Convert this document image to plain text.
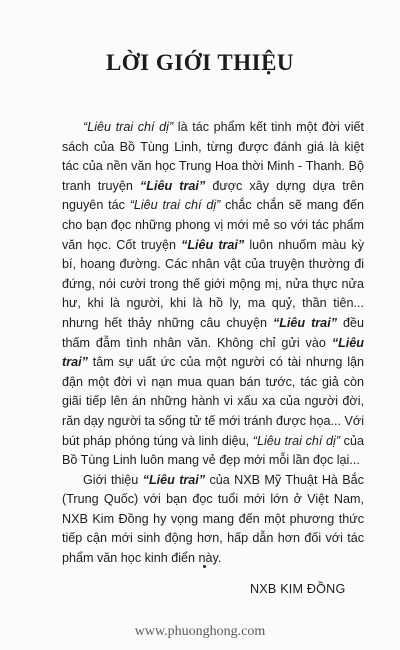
LỜI GIỚI THIỆU

“Liêu trai chí dị” là tác phẩm kết tinh một đời viết sách của Bồ Tùng Linh, từng được đánh giá là kiệt tác của nền văn học Trung Hoa thời Minh - Thanh. Bộ tranh truyện “Liêu trai” được xây dựng dựa trên nguyên tác “Liêu trai chí dị” chắc chắn sẽ mang đến cho bạn đọc những phong vị mới mẻ so với tác phẩm văn học. Cốt truyện “Liêu trai” luôn nhuốm màu kỳ bí, hoang đường. Các nhân vật của truyện thường đi đứng, nói cười trong thế giới mộng mị, nửa thực nửa hư, khi là người, khi là hồ ly, ma quỷ, thần tiên... nhưng hết thảy những câu chuyện “Liêu trai” đều thấm đẫm tình nhân văn. Không chỉ gửi vào “Liêu trai” tâm sự uất ức của một người có tài nhưng lận đận một đời vì nạn mua quan bán tước, tác giả còn giãi tiếp lên án những hành vi xấu xa của người đời, răn dạy người ta sống tử tế mới tránh được họa... Với bút pháp phóng túng và linh diệu, “Liêu trai chí dị” của Bồ Tùng Linh luôn mang vẻ đẹp mới mỗi lần đọc lại...

Giới thiệu “Liêu trai” của NXB Mỹ Thuật Hà Bắc (Trung Quốc) với bạn đọc tuổi mới lớn ở Việt Nam, NXB Kim Đồng hy vọng mang đến một phương thức tiếp cận mới sinh động hơn, hấp dẫn hơn đối với tác phẩm văn học kinh điển này.

NXB KIM ĐỒNG
www.phuonghong.com
